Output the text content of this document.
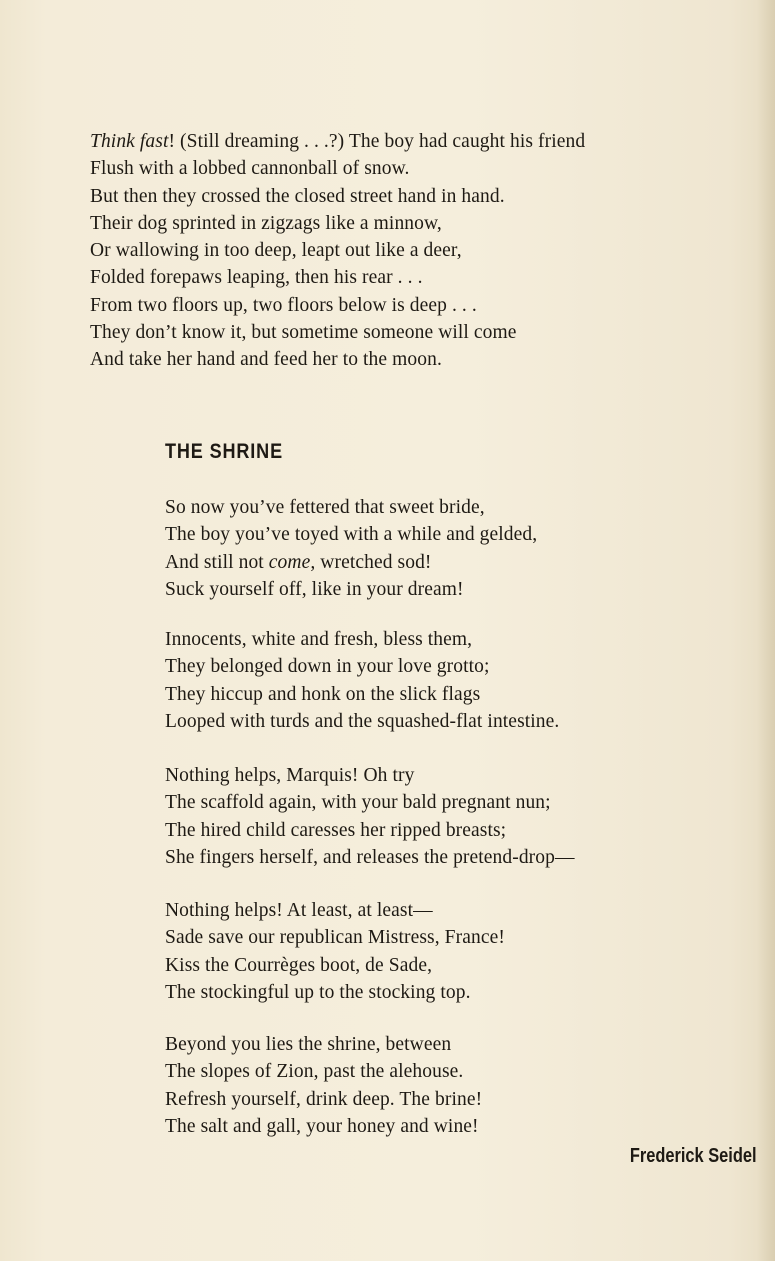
Think fast! (Still dreaming . . .?) The boy had caught his friend
Flush with a lobbed cannonball of snow.
But then they crossed the closed street hand in hand.
Their dog sprinted in zigzags like a minnow,
Or wallowing in too deep, leapt out like a deer,
Folded forepaws leaping, then his rear . . .
From two floors up, two floors below is deep . . .
They don’t know it, but sometime someone will come
And take her hand and feed her to the moon.
THE SHRINE
So now you’ve fettered that sweet bride,
The boy you’ve toyed with a while and gelded,
And still not come, wretched sod!
Suck yourself off, like in your dream!
Innocents, white and fresh, bless them,
They belonged down in your love grotto;
They hiccup and honk on the slick flags
Looped with turds and the squashed-flat intestine.
Nothing helps, Marquis! Oh try
The scaffold again, with your bald pregnant nun;
The hired child caresses her ripped breasts;
She fingers herself, and releases the pretend-drop—
Nothing helps! At least, at least—
Sade save our republican Mistress, France!
Kiss the Courrèges boot, de Sade,
The stockingful up to the stocking top.
Beyond you lies the shrine, between
The slopes of Zion, past the alehouse.
Refresh yourself, drink deep. The brine!
The salt and gall, your honey and wine!

Frederick Seidel
